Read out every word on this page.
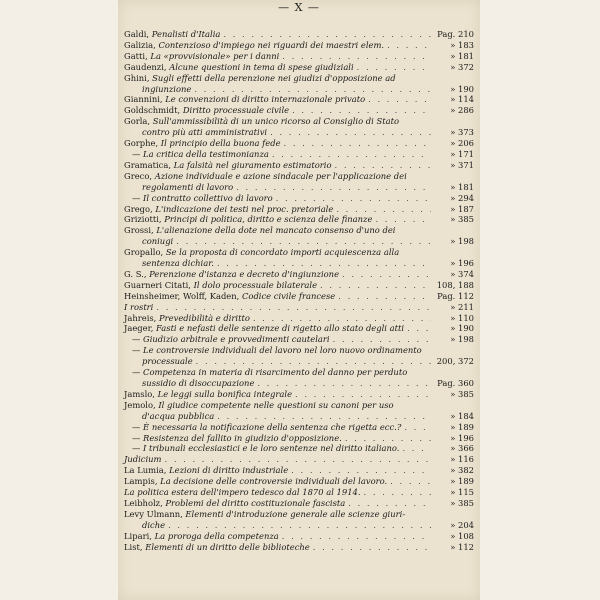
— X —
Galdi, Penalisti d'Italia . . .	Pag. 210
Galizia, Contenzioso d'impiego nei riguardi dei maestri elem. . . .	» 183
Gatti, La «provvisionale» per i danni . . .	» 181
Gaudenzi, Alcune questioni in tema di spese giudiziali . . .	» 372
Ghini, Sugli effetti della perenzione nei giudizi d'opposizione ad
ingiunzione . . .	» 190
Giannini, Le convenzioni di diritto internazionale privato . . .	» 114
Goldschmidt, Diritto processuale civile . . .	» 286
Gorla, Sull'ammissibilità di un unico ricorso al Consiglio di Stato
contro più atti amministrativi . . .	» 373
Gorphe, Il principio della buona fede . . .	» 206
— La critica della testimonianza . . .	» 171
Gramatica, La falsità nel giuramento estimatorio . . .	» 371
Greco, Azione individuale e azione sindacale per l'applicazione dei
regolamenti di lavoro . . .	» 181
— Il contratto collettivo di lavoro . . .	» 294
Grego, L'indicazione dei testi nel proc. pretoriale . . .	» 187
Griziotti, Principi di politica, diritto e scienza delle finanze . . .	» 385
Grossi, L'alienazione della dote nel mancato consenso d'uno dei
coniugi . . .	» 198
Gropallo, Se la proposta di concordato importi acquiescenza alla
sentenza dichiar. . . .	» 196
G. S., Perenzione d'istanza e decreto d'ingiunzione . . .	» 374
Guarneri Citati, Il dolo processuale bilaterale . . .	108, 188
Heinsheimer, Wolff, Kaden, Codice civile francese . . .	Pag. 112
I rostri . . .	» 211
Jahreis, Prevedibilità e diritto . . .	» 110
Jaeger, Fasti e nefasti delle sentenze di rigetto allo stato degli atti . . .	» 190
— Giudizio arbitrale e provvedimenti cautelari . . .	» 198
— Le controversie individuali del lavoro nel loro nuovo ordinamento
processuale . . .	200, 372
— Competenza in materia di risarcimento del danno per perduto
sussidio di disoccupazione . . .	Pag. 360
Jamslo, Le leggi sulla bonifica integrale . . .	» 385
Jemolo, Il giudice competente nelle questioni su canoni per uso
d'acqua pubblica . . .	» 184
— È necessaria la notificazione della sentenza che rigetta ecc.? . . .	» 189
— Resistenza del fallito in giudizio d'opposizione. . . .	» 196
— I tribunali ecclesiastici e le loro sentenze nel diritto italiano. . . .	» 366
Judicium . . .	» 116
La Lumia, Lezioni di diritto industriale . . .	» 382
Lampis, La decisione delle controversie individuali del lavoro. . . .	» 189
La politica estera dell'impero tedesco dal 1870 al 1914. . . .	» 115
Leibholz, Problemi del diritto costituzionale fascista . . .	» 385
Levy Ulmann, Elementi d'introduzione generale alle scienze giuri-
diche . . .	» 204
Lipari, La proroga della competenza . . .	» 108
List, Elementi di un diritto delle biblioteche . . .	» 112
